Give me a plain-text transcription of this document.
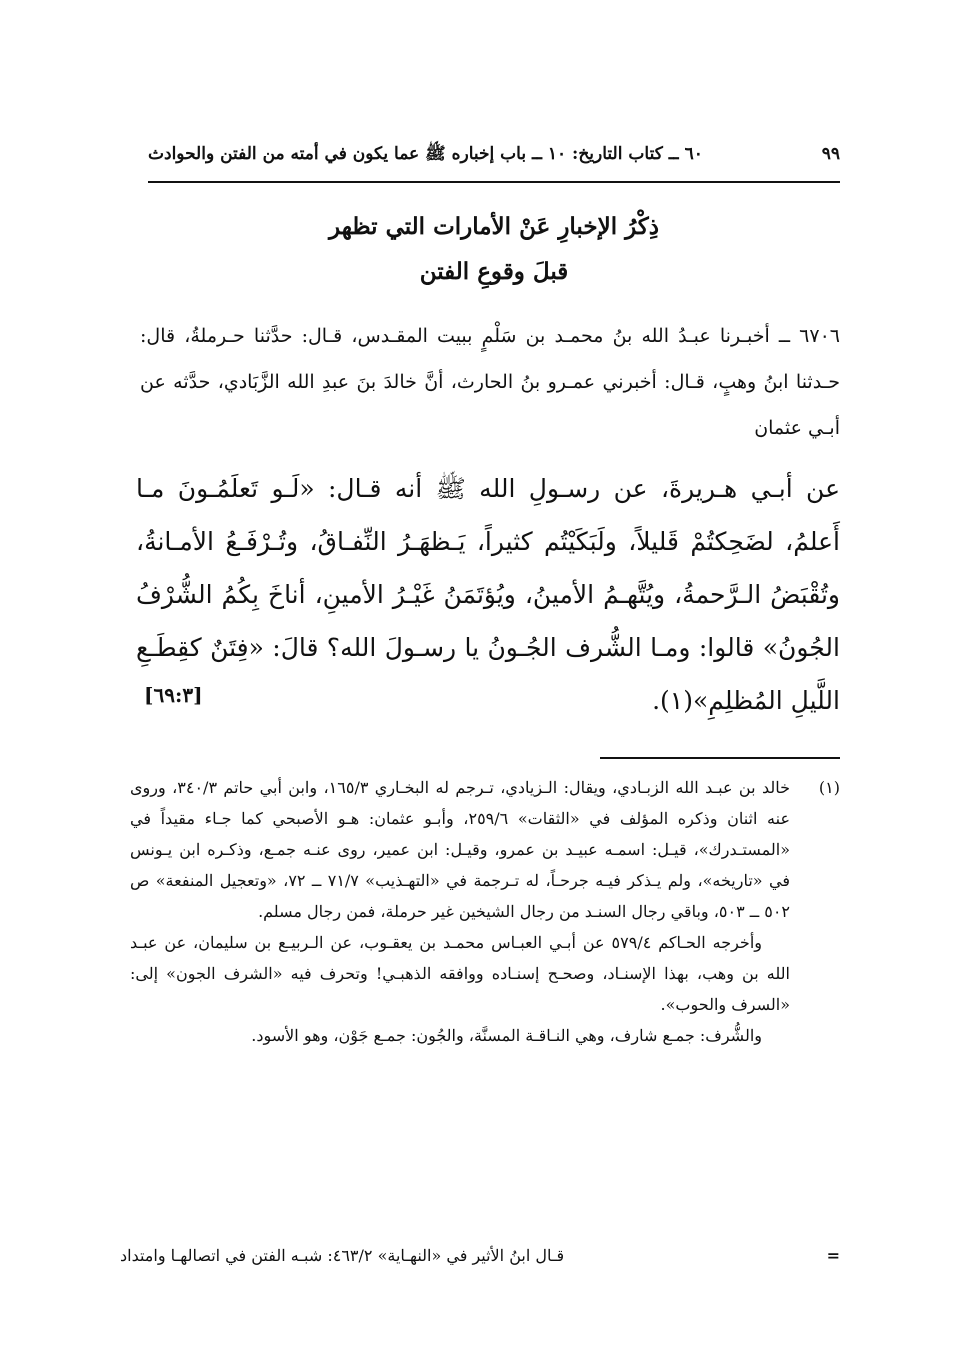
٦٠ ــ كتاب التاريخ: ١٠ ــ باب إخباره ﷺ عما يكون في أمته من الفتن والحوادث	٩٩
ذِكْرُ الإخبارِ عَنْ الأمارات التي تظهر
قبلَ وقوعِ الفتن
٦٧٠٦ ــ أخبـرنا عبـدُ الله بنُ محمـد بن سَلْمٍ ببيت المقـدس، قـال: حدَّثنا حـرملةُ، قال: حـدثنا ابنُ وهبٍ، قـال: أخبرني عمـرو بنُ الحارث، أنَّ خالدَ بنَ عبدِ الله الزَّبَادي، حدَّثه عن أبـي عثمان
عن أبـي هـريرةَ، عن رسـولِ الله ﷺ أنه قـال: «لَـو تَعلَمُـونَ مـا أَعلمُ، لضَحِكتُمْ قَليلاً، ولَبَكَيْتُم كثيراً، يَـظهَـرُ النِّفـاقُ، وتُـرْفَـعُ الأمـانةُ، وتُقْبَضُ الـرَّحمةُ، ويُتَّهـمُ الأمينُ، ويُؤتَمَنُ غَيْـرُ الأمينِ، أناخَ بِكُمُ الشُّرْفُ الجُونُ» قالوا: ومـا الشُّرف الجُـونُ يا رسـولَ الله؟ قالَ: «فِتَنٌ كقِطَـعِ اللَّيلِ المُظلِمِ»(١).
[٦٩:٣]
(١)
خالد بن عبـد الله الزبـادي، ويقال: الـزيادي، تـرجم له البخـاري ١٦٥/٣، وابن أبي حاتم ٣٤٠/٣، وروى عنه اثنان وذكره المؤلف في «الثقات» ٢٥٩/٦، وأبـو عثمان: هـو الأصبحي كما جـاء مقيداً في «المستـدرك»، قيـل: اسمـه عبيـد بن عمرو، وقيـل: ابن عمير، روى عنـه جمـع، وذكـره ابن يـونس في «تاريخه»، ولم يـذكر فيـه جرحـاً، له تـرجمة في «التهـذيب» ٧١/٧ ــ ٧٢، «وتعجيل المنفعة» ص ٥٠٢ ــ ٥٠٣، وباقي رجال السنـد من رجال الشيخين غير حرملة، فمن رجال مسلم.
وأخرجه الحـاكم ٥٧٩/٤ عن أبـي العبـاس محمـد بن يعقـوب، عن الـربيـع بن سليمان، عن عبـد الله بن وهب، بهذا الإسنـاد، وصحـح إسنـاده ووافقه الذهبـي! وتحرف فيه «الشرف الجون» إلى: «السرف والحوب».
والشُّرف: جمـع شارف، وهي النـاقـة المسنَّة، والجُون: جمـع جَوْن، وهو الأسود.
قـال ابنُ الأثير في «النهـاية» ٤٦٣/٢: شبـه الفتن في اتصالهـا وامتداد	=
